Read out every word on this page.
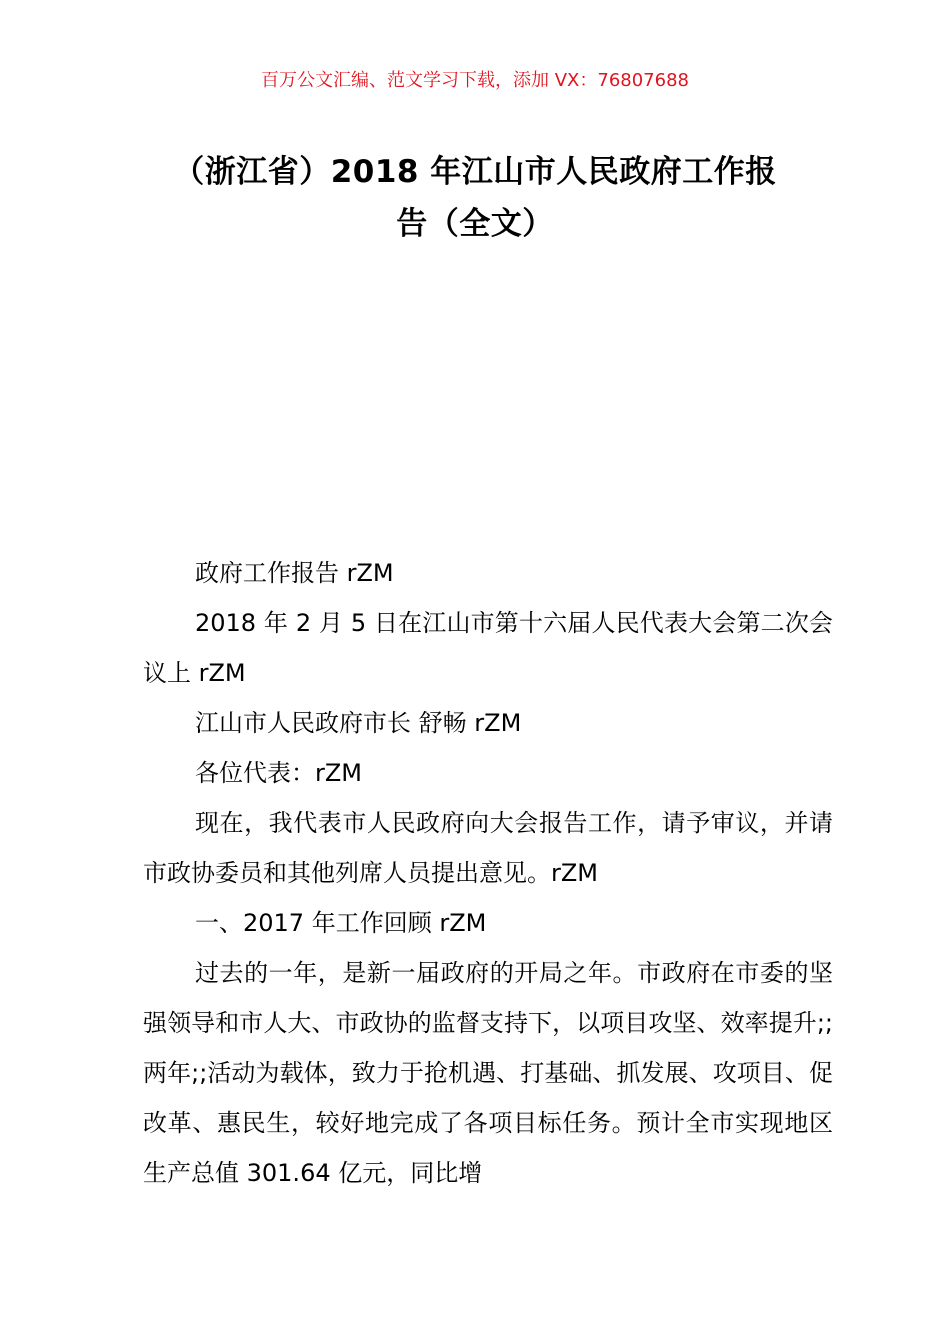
百万公文汇编、范文学习下载，添加 VX：76807688
（浙江省）2018 年江山市人民政府工作报
告（全文）

政府工作报告 rZM

2018 年 2 月 5 日在江山市第十六届人民代表大会第二次会议上 rZM

江山市人民政府市长 舒畅 rZM

各位代表：rZM

现在，我代表市人民政府向大会报告工作，请予审议，并请市政协委员和其他列席人员提出意见。rZM

一、2017 年工作回顾 rZM

过去的一年，是新一届政府的开局之年。市政府在市委的坚强领导和市人大、市政协的监督支持下，以项目攻坚、效率提升;;两年;;活动为载体，致力于抢机遇、打基础、抓发展、攻项目、促改革、惠民生，较好地完成了各项目标任务。预计全市实现地区生产总值 301.64 亿元，同比增
